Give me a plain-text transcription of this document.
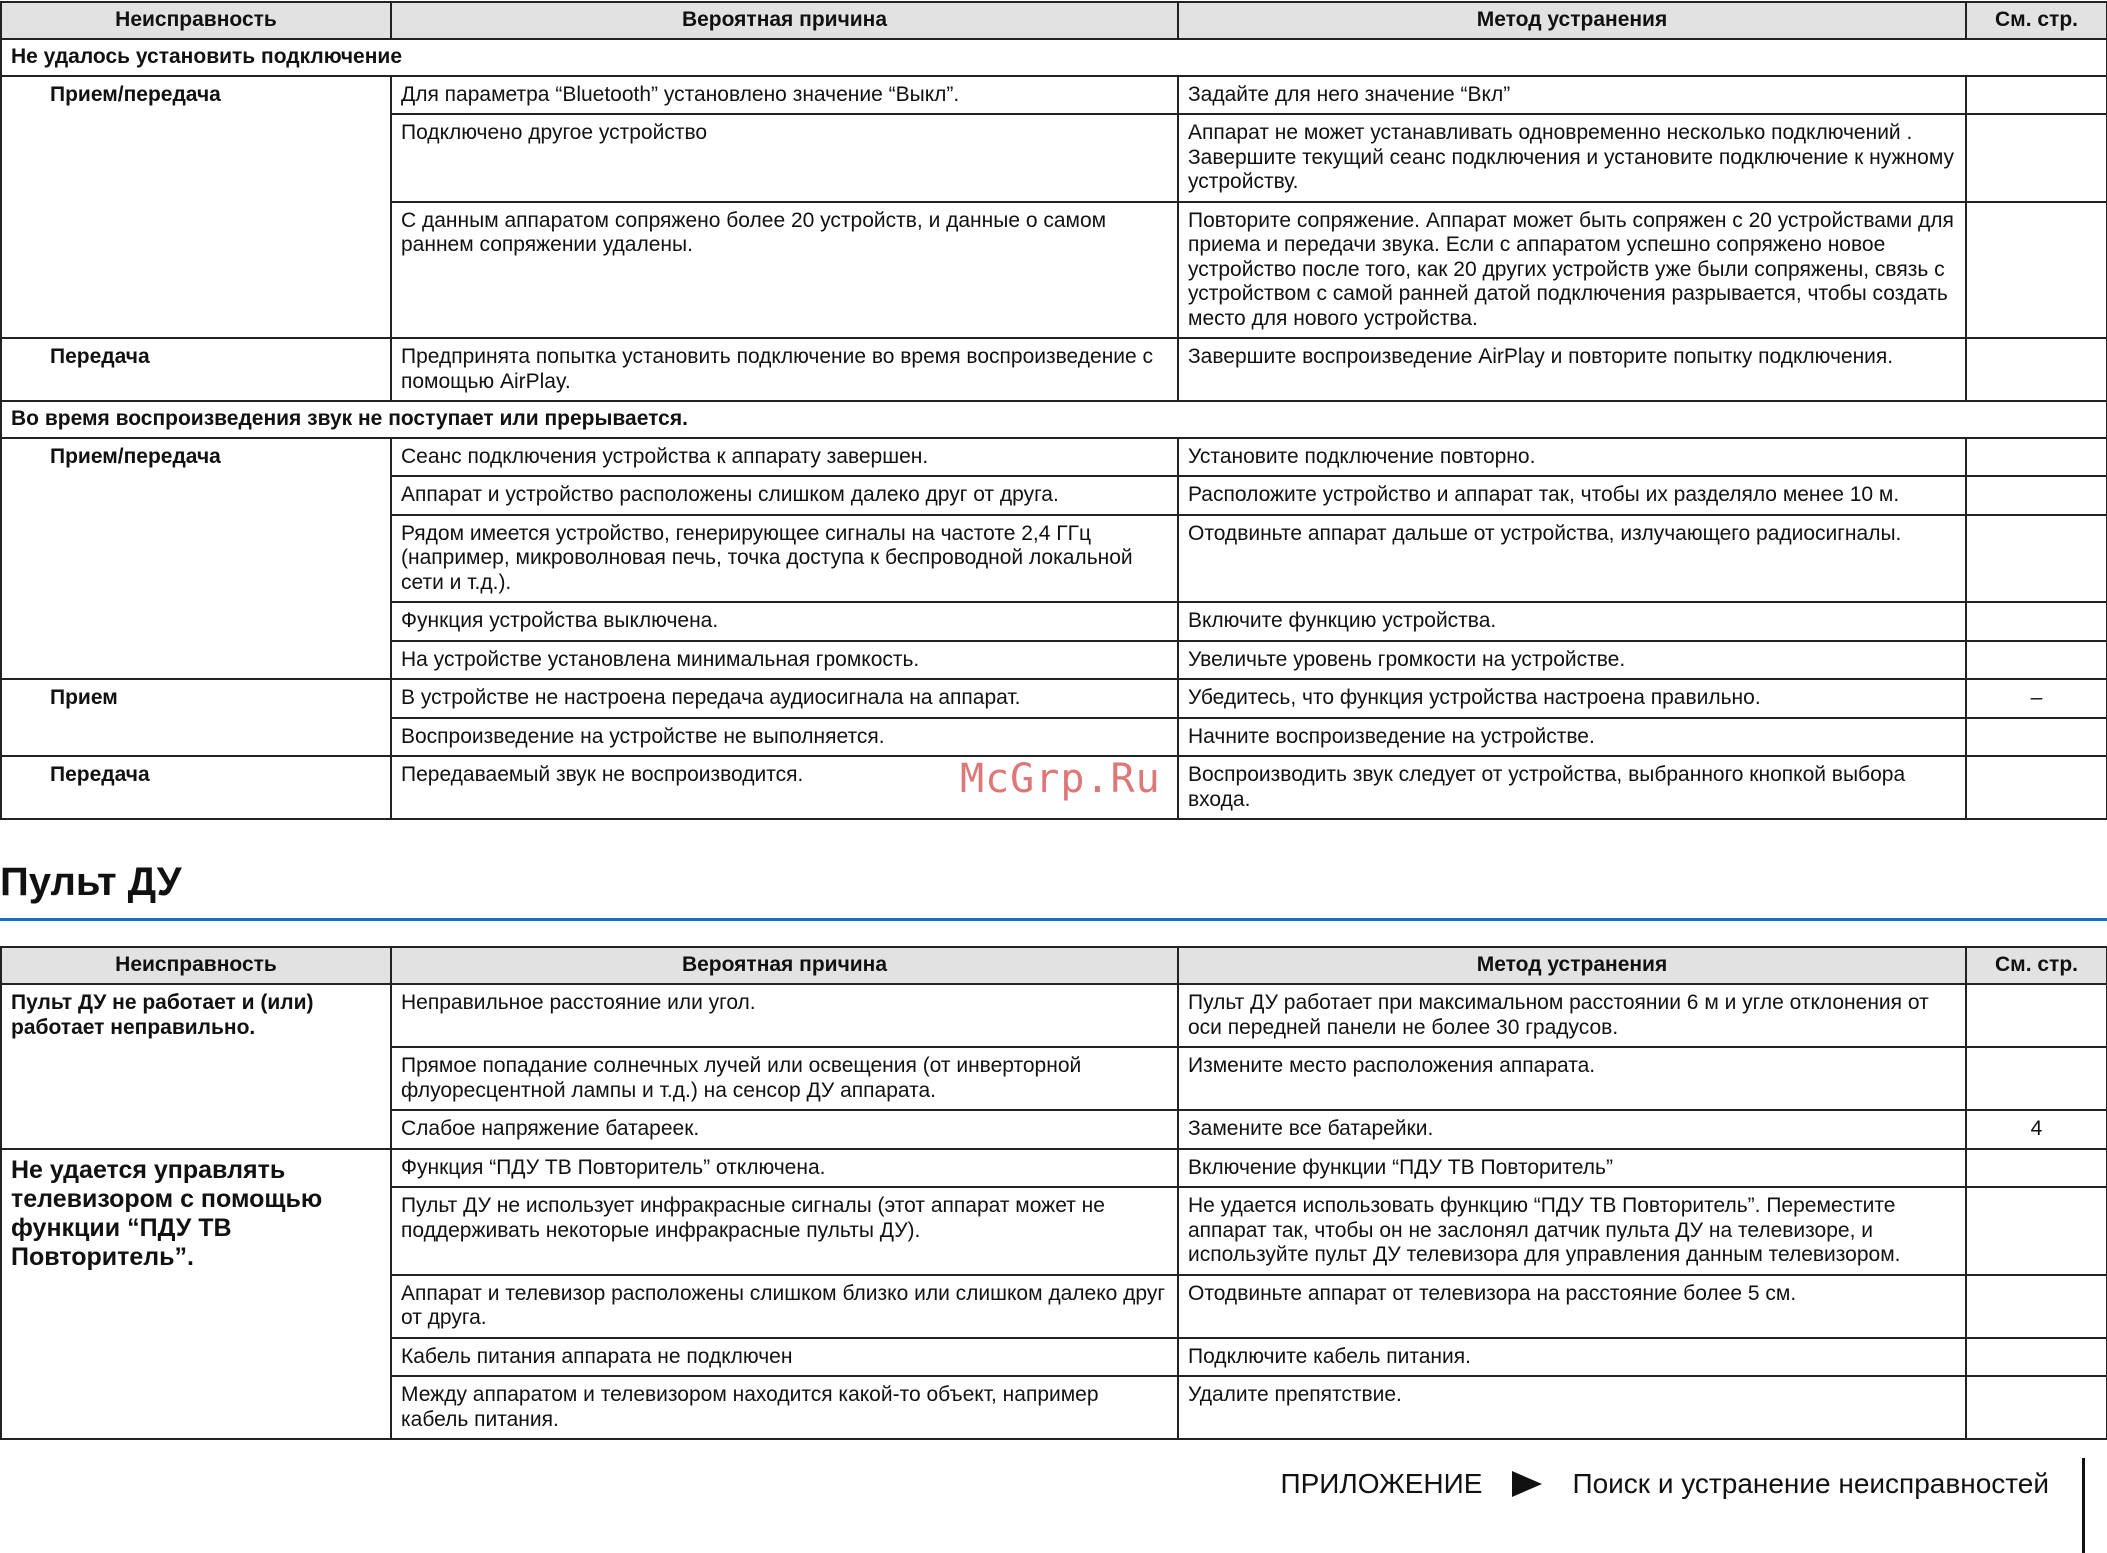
Неисправность	Вероятная причина	Метод устранения	См. стр.
Не удалось установить подключение			
Прием/передача	Для параметра “Bluetooth” установлено значение “Выкл”.	Задайте для него значение “Вкл”	
	Подключено другое устройство	Аппарат не может устанавливать одновременно несколько подключений . Завершите текущий сеанс подключения и установите подключение к нужному устройству.	
	С данным аппаратом сопряжено более 20 устройств, и данные о самом раннем сопряжении удалены.	Повторите сопряжение. Аппарат может быть сопряжен с 20 устройствами для приема и передачи звука. Если с аппаратом успешно сопряжено новое устройство после того, как 20 других устройств уже были сопряжены, связь с устройством с самой ранней датой подключения разрывается, чтобы создать место для нового устройства.	
Передача	Предпринята попытка установить подключение во время воспроизведение с помощью AirPlay.	Завершите воспроизведение AirPlay и повторите попытку подключения.	
Во время воспроизведения звук не поступает или прерывается.			
Прием/передача	Сеанс подключения устройства к аппарату завершен.	Установите подключение повторно.	
	Аппарат и устройство расположены слишком далеко друг от друга.	Расположите устройство и аппарат так, чтобы их разделяло менее 10 м.	
	Рядом имеется устройство, генерирующее сигналы на частоте 2,4 ГГц (например, микроволновая печь, точка доступа к беспроводной локальной сети и т.д.).	Отодвиньте аппарат дальше от устройства, излучающего радиосигналы.	
	Функция устройства выключена.	Включите функцию устройства.	
	На устройстве установлена минимальная громкость.	Увеличьте уровень громкости на устройстве.	
Прием	В устройстве не настроена передача аудиосигнала на аппарат.	Убедитесь, что функция устройства настроена правильно.	–
	Воспроизведение на устройстве не выполняется.	Начните воспроизведение на устройстве.	
Передача	Передаваемый звук не воспроизводится.	Воспроизводить звук следует от устройства, выбранного кнопкой выбора входа.	
McGrp.Ru
Пульт ДУ
Неисправность	Вероятная причина	Метод устранения	См. стр.
Пульт ДУ не работает и (или) работает неправильно.	Неправильное расстояние или угол.	Пульт ДУ работает при максимальном расстоянии 6 м и угле отклонения от оси передней панели не более 30 градусов.	
	Прямое попадание солнечных лучей или освещения (от инверторной флуоресцентной лампы и т.д.) на сенсор ДУ аппарата.	Измените место расположения аппарата.	
	Слабое напряжение батареек.	Замените все батарейки.	4
Не удается управлять телевизором с помощью функции “ПДУ ТВ Повторитель”.	Функция “ПДУ ТВ Повторитель” отключена.	Включение функции “ПДУ ТВ Повторитель”	
	Пульт ДУ не использует инфракрасные сигналы (этот аппарат может не поддерживать некоторые инфракрасные пульты ДУ).	Не удается использовать функцию “ПДУ ТВ Повторитель”. Переместите аппарат так, чтобы он не заслонял датчик пульта ДУ на телевизоре, и используйте пульт ДУ телевизора для управления данным телевизором.	
	Аппарат и телевизор расположены слишком близко или слишком далеко друг от друга.	Отодвиньте аппарат от телевизора на расстояние более 5 см.	
	Кабель питания аппарата не подключен	Подключите кабель питания.	
	Между аппаратом и телевизором находится какой-то объект, например кабель питания.	Удалите препятствие.	
ПРИЛОЖЕНИЕ	Поиск и устранение неисправностей
